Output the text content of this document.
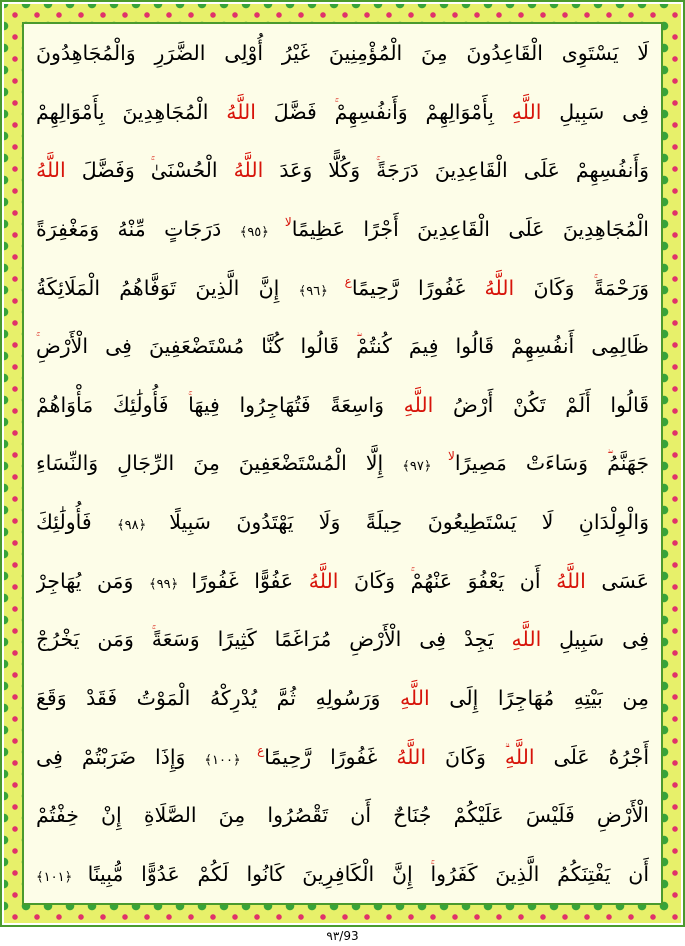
لَا يَسْتَوِى الْقَاعِدُونَ مِنَ الْمُؤْمِنِينَ غَيْرُ أُوْلِى الضَّرَرِ وَالْمُجَاهِدُونَ
فِى سَبِيلِ اللَّهِ بِأَمْوَالِهِمْ وَأَنفُسِهِمْ فَضَّلَ اللَّهُ الْمُجَاهِدِينَ بِأَمْوَالِهِمْ
وَأَنفُسِهِمْ عَلَى الْقَاعِدِينَ دَرَجَةً وَكُلًّا وَعَدَ اللَّهُ الْحُسْنَىٰ وَفَضَّلَ اللَّهُ
الْمُجَاهِدِينَ عَلَى الْقَاعِدِينَ أَجْرًا عَظِيمًا$^{لا}$ ﴿٩٥﴾ دَرَجَاتٍ مِّنْهُ وَمَغْفِرَةً
وَرَحْمَةً وَكَانَ اللَّهُ غَفُورًا رَّحِيمًا$^ع$ ﴿٩٦﴾ إِنَّ الَّذِينَ تَوَفَّاهُمُ الْمَلَائِكَةُ
ظَالِمِى أَنفُسِهِمْ قَالُوا فِيمَ كُنتُمْ قَالُوا كُنَّا مُسْتَضْعَفِينَ فِى الْأَرْضِ
قَالُوا أَلَمْ تَكُنْ أَرْضُ اللَّهِ وَاسِعَةً فَتُهَاجِرُوا فِيهَا فَأُولَٰئِكَ مَأْوَاهُمْ
جَهَنَّمُ وَسَاءَتْ مَصِيرًا$^{لا}$ ﴿٩٧﴾ إِلَّا الْمُسْتَضْعَفِينَ مِنَ الرِّجَالِ وَالنِّسَاءِ
وَالْوِلْدَانِ لَا يَسْتَطِيعُونَ حِيلَةً وَلَا يَهْتَدُونَ سَبِيلًا ﴿٩٨﴾ فَأُولَٰئِكَ
عَسَى اللَّهُ أَن يَعْفُوَ عَنْهُمْ وَكَانَ اللَّهُ عَفُوًّا غَفُورًا ﴿٩٩﴾ وَمَن يُهَاجِرْ
فِى سَبِيلِ اللَّهِ يَجِدْ فِى الْأَرْضِ مُرَاغَمًا كَثِيرًا وَسَعَةً وَمَن يَخْرُجْ
مِن بَيْتِهِ مُهَاجِرًا إِلَى اللَّهِ وَرَسُولِهِ ثُمَّ يُدْرِكْهُ الْمَوْتُ فَقَدْ وَقَعَ
أَجْرُهُ عَلَى اللَّهِ وَكَانَ اللَّهُ غَفُورًا رَّحِيمًا$^ع$ ﴿١٠٠﴾ وَإِذَا ضَرَبْتُمْ فِى
الْأَرْضِ فَلَيْسَ عَلَيْكُمْ جُنَاحٌ أَن تَقْصُرُوا مِنَ الصَّلَاةِ إِنْ خِفْتُمْ
أَن يَفْتِنَكُمُ الَّذِينَ كَفَرُوا إِنَّ الْكَافِرِينَ كَانُوا لَكُمْ عَدُوًّا مُّبِينًا ﴿١٠١﴾
٩٣/93
